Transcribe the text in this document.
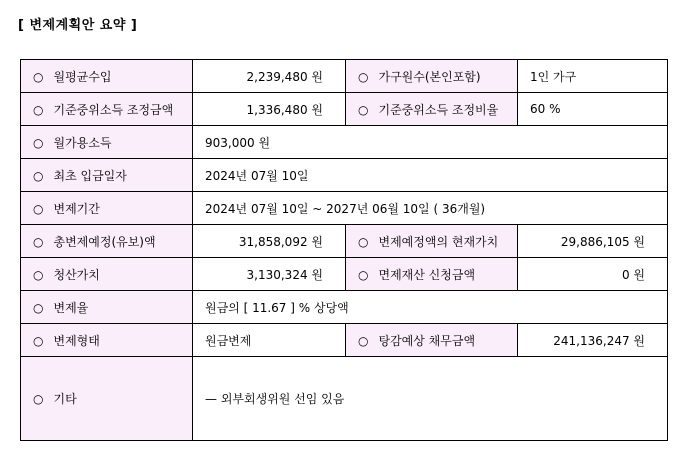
[ 변제계획안 요약 ]
○ 월평균수입	2,239,480 원	○ 가구원수(본인포함)	1인 가구
○ 기준중위소득 조정금액	1,336,480 원	○ 기준중위소득 조정비율	60 %
○ 월가용소득	903,000 원		
○ 최초 입금일자	2024년 07월 10일		
○ 변제기간	2024년 07월 10일 ~ 2027년 06월 10일 ( 36개월)		
○ 총변제예정(유보)액	31,858,092 원	○ 변제예정액의 현재가치	29,886,105 원
○ 청산가치	3,130,324 원	○ 면제재산 신청금액	0 원
○ 변제율	원금의 [ 11.67 ] % 상당액		
○ 변제형태	원금변제	○ 탕감예상 채무금액	241,136,247 원
○ 기타	— 외부회생위원 선임 있음		
